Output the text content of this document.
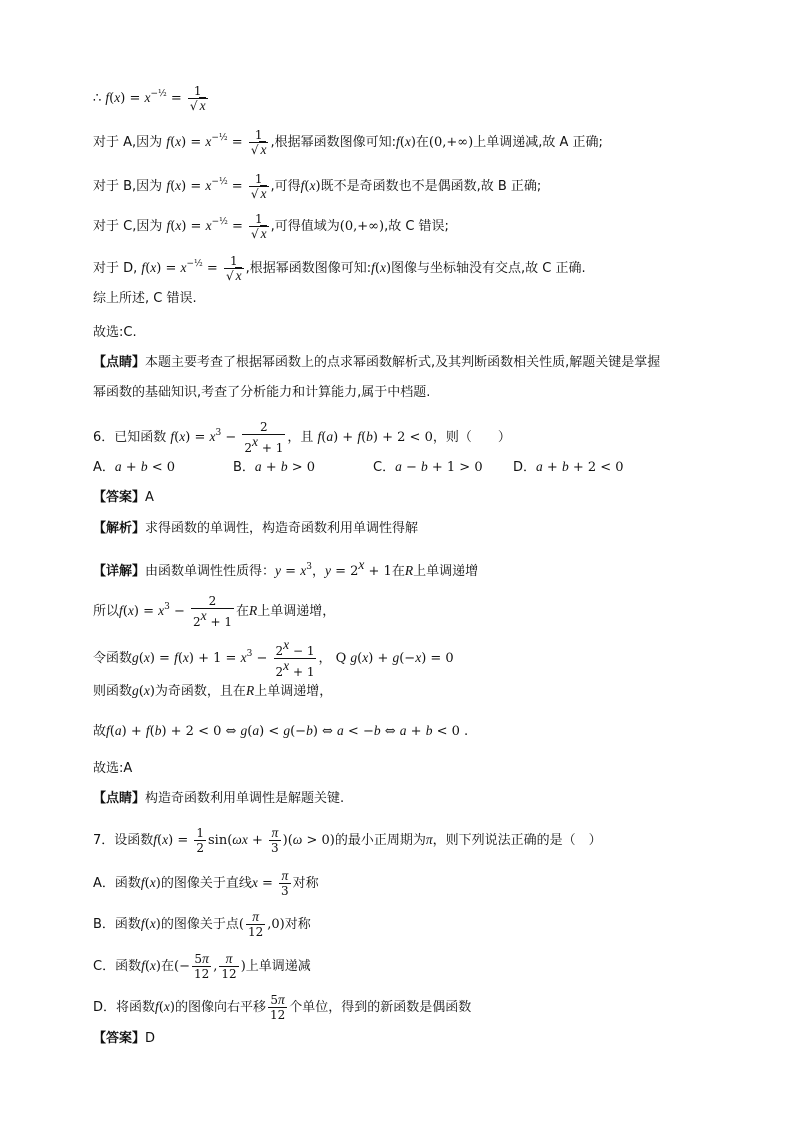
∴ $f(x) = x^{-\frac{1}{2}} = \frac{1}{√ x}$
对于 A,因为 $f(x) = x^{-\frac{1}{2}} = \frac{1}{√ x}$ ,根据幂函数图像可知:f(x)在(0,+∞)上单调递减,故 A 正确;
对于 B,因为 $f(x) = x^{-\frac{1}{2}} = \frac{1}{√ x}$ ,可得f(x)既不是奇函数也不是偶函数,故 B 正确;
对于 C,因为 $f(x) = x^{-\frac{1}{2}} = \frac{1}{√ x}$ ,可得值域为(0,+∞),故 C 错误;
对于 D, $f(x) = x^{-\frac{1}{2}} = \frac{1}{√ x}$ ,根据幂函数图像可知:f(x)图像与坐标轴没有交点,故 C 正确.
综上所述, C 错误.
故选:C.
【点睛】本题主要考查了根据幂函数上的点求幂函数解析式,及其判断函数相关性质,解题关键是掌握
幂函数的基础知识,考查了分析能力和计算能力,属于中档题.
6．已知函数 $f(x) = x^3 - \frac{2}{2^x + 1}$ ，且 f(a) + f(b) + 2 < 0，则（　　）
A．a + b < 0	B．a + b > 0	C．a − b + 1 > 0 D．a + b + 2 < 0
【答案】A
【解析】求得函数的单调性，构造奇函数利用单调性得解
【详解】由函数单调性性质得：$y = x^3$，$y = 2^x + 1$在R上单调递增
所以$f(x) = x^3 - \frac{2}{2^x + 1}$ 在R上单调递增，
令函数$g(x) = f(x) + 1 = x^3 - \frac{2^x - 1}{2^x + 1}$ ， Q g(x) + g(−x) = 0
则函数g(x)为奇函数，且在R上单调递增，
故f(a) + f(b) + 2 < 0 ⇔ g(a) < g(−b) ⇔ a < −b ⇔ a + b < 0 .
故选:A
【点睛】构造奇函数利用单调性是解题关键.
7．设函数$f(x) = \frac{1}{2} \sin(\omega x + \frac{\pi}{3} )(\omega > 0)$的最小正周期为π，则下列说法正确的是（　）
A．函数f(x)的图像关于直线$x = \frac{\pi}{3}$ 对称
B．函数f(x)的图像关于点( $\frac{\pi}{12} ,0$)对称
C．函数f(x)在(− $\frac{5\pi}{12}$ , $\frac{\pi}{12}$ )上单调递减
D．将函数f(x)的图像向右平移 $\frac{5\pi}{12}$ 个单位，得到的新函数是偶函数
【答案】D
